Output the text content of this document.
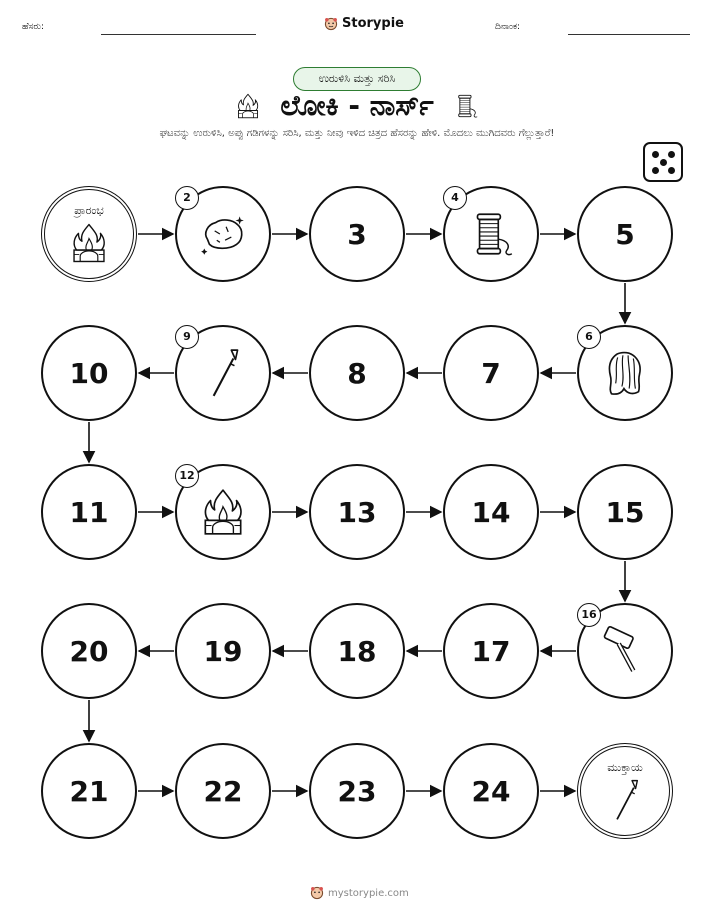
ಹೆಸರು:	Storypie	ದಿನಾಂಕ:
ಉರುಳಿಸಿ ಮತ್ತು ಸರಿಸಿ
ಲೋಕಿ - ನಾರ್ಸ್
ಘಟವನ್ನು ಉರುಳಿಸಿ, ಅಪ್ಪು ಗಡಿಗಳನ್ನು ಸರಿಸಿ, ಮತ್ತು ನೀವು ಇಳಿದ ಚಿತ್ರದ ಹೆಸರನ್ನು ಹೇಳಿ. ಮೊದಲು ಮುಗಿದವರು ಗೆಲ್ಲುತ್ತಾರೆ!
ಪ್ರಾರಂಭ
2
3
4
5
6
7
8
9
10
11
12
13	14	15
16
17
18
19
20
21	22	23	24
ಮುಕ್ತಾಯ
mystorypie.com
